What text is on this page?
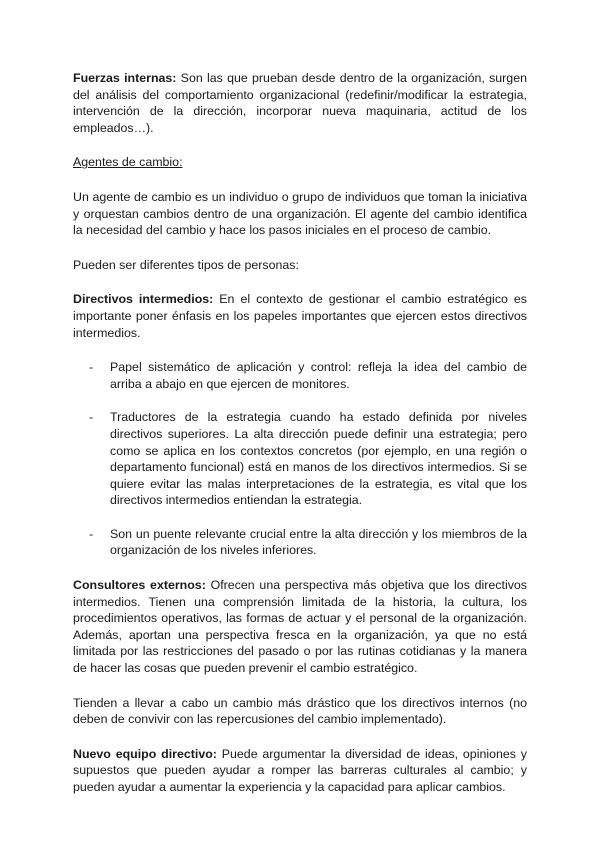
Fuerzas internas: Son las que prueban desde dentro de la organización, surgen del análisis del comportamiento organizacional (redefinir/modificar la estrategia, intervención de la dirección, incorporar nueva maquinaria, actitud de los empleados…).

Agentes de cambio:

Un agente de cambio es un individuo o grupo de individuos que toman la iniciativa y orquestan cambios dentro de una organización. El agente del cambio identifica la necesidad del cambio y hace los pasos iniciales en el proceso de cambio.

Pueden ser diferentes tipos de personas:

Directivos intermedios: En el contexto de gestionar el cambio estratégico es importante poner énfasis en los papeles importantes que ejercen estos directivos intermedios.

- Papel sistemático de aplicación y control: refleja la idea del cambio de arriba a abajo en que ejercen de monitores.
- Traductores de la estrategia cuando ha estado definida por niveles directivos superiores. La alta dirección puede definir una estrategia; pero como se aplica en los contextos concretos (por ejemplo, en una región o departamento funcional) está en manos de los directivos intermedios. Si se quiere evitar las malas interpretaciones de la estrategia, es vital que los directivos intermedios entiendan la estrategia.
- Son un puente relevante crucial entre la alta dirección y los miembros de la organización de los niveles inferiores.

Consultores externos: Ofrecen una perspectiva más objetiva que los directivos intermedios. Tienen una comprensión limitada de la historia, la cultura, los procedimientos operativos, las formas de actuar y el personal de la organización. Además, aportan una perspectiva fresca en la organización, ya que no está limitada por las restricciones del pasado o por las rutinas cotidianas y la manera de hacer las cosas que pueden prevenir el cambio estratégico.

Tienden a llevar a cabo un cambio más drástico que los directivos internos (no deben de convivir con las repercusiones del cambio implementado).

Nuevo equipo directivo: Puede argumentar la diversidad de ideas, opiniones y supuestos que pueden ayudar a romper las barreras culturales al cambio; y pueden ayudar a aumentar la experiencia y la capacidad para aplicar cambios.
